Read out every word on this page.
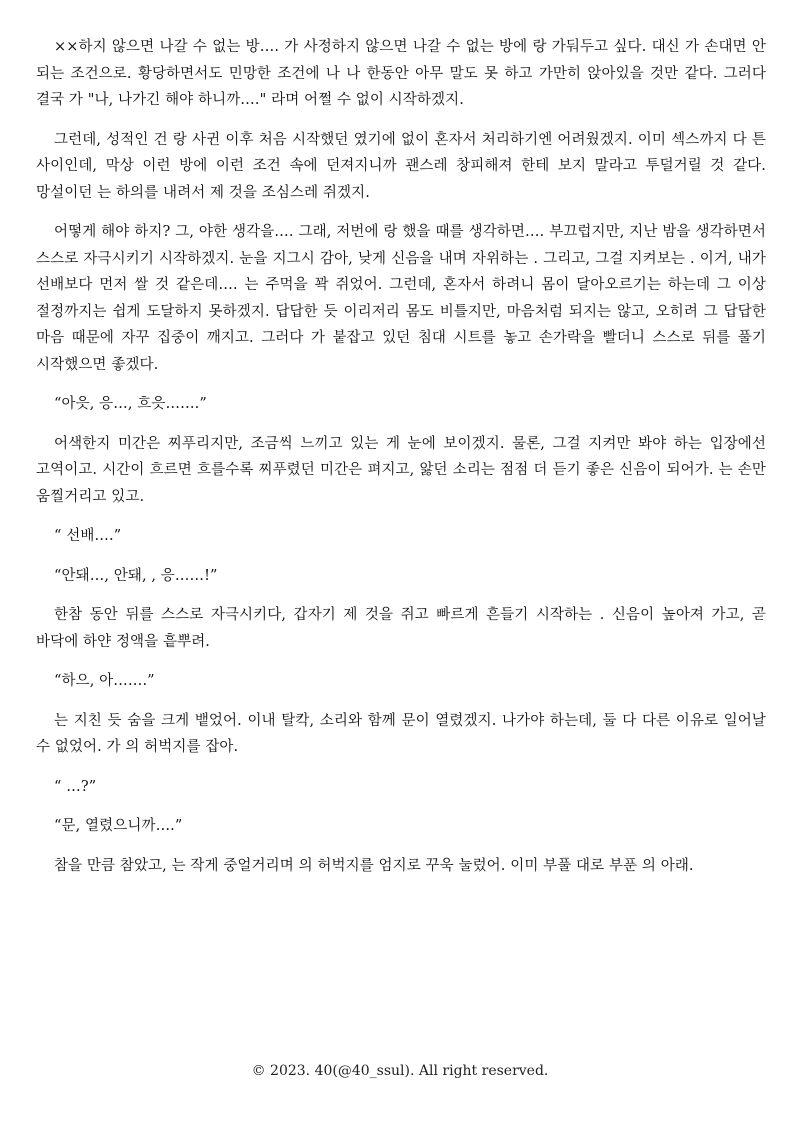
××하지 않으면 나갈 수 없는 방…. 가 사정하지 않으면 나갈 수 없는 방에 랑 가둬두고 싶다. 대신 가 손대면 안 되는 조건으로. 황당하면서도 민망한 조건에 나 나 한동안 아무 말도 못 하고 가만히 앉아있을 것만 같다. 그러다 결국 가 "나, 나가긴 해야 하니까…." 라며 어쩔 수 없이 시작하겠지.

그런데, 성적인 건 랑 사귄 이후 처음 시작했던 였기에 없이 혼자서 처리하기엔 어려웠겠지. 이미 섹스까지 다 튼 사이인데, 막상 이런 방에 이런 조건 속에 던져지니까 괜스레 창피해져 한테 보지 말라고 투덜거릴 것 같다. 망설이던 는 하의를 내려서 제 것을 조심스레 쥐겠지.

어떻게 해야 하지? 그, 야한 생각을…. 그래, 저번에 랑 했을 때를 생각하면…. 부끄럽지만, 지난 밤을 생각하면서 스스로 자극시키기 시작하겠지. 눈을 지그시 감아, 낮게 신음을 내며 자위하는 . 그리고, 그걸 지켜보는 . 이거, 내가 선배보다 먼저 쌀 것 같은데…. 는 주먹을 꽉 쥐었어. 그런데, 혼자서 하려니 몸이 달아오르기는 하는데 그 이상 절정까지는 쉽게 도달하지 못하겠지. 답답한 듯 이리저리 몸도 비틀지만, 마음처럼 되지는 않고, 오히려 그 답답한 마음 때문에 자꾸 집중이 깨지고. 그러다 가 붙잡고 있던 침대 시트를 놓고 손가락을 빨더니 스스로 뒤를 풀기 시작했으면 좋겠다.

“아읏, 응…, 흐읏…….”

어색한지 미간은 찌푸리지만, 조금씩 느끼고 있는 게 눈에 보이겠지. 물론, 그걸 지켜만 봐야 하는 입장에선 고역이고. 시간이 흐르면 흐를수록 찌푸렸던 미간은 펴지고, 앓던 소리는 점점 더 듣기 좋은 신음이 되어가. 는 손만 움찔거리고 있고.

“ 선배….”

“안돼…, 안돼, , 응……!”

한참 동안 뒤를 스스로 자극시키다, 갑자기 제 것을 쥐고 빠르게 흔들기 시작하는 . 신음이 높아져 가고, 곧 바닥에 하얀 정액을 흩뿌려.

“하으, 아…….”

는 지친 듯 숨을 크게 뱉었어. 이내 탈칵, 소리와 함께 문이 열렸겠지. 나가야 하는데, 둘 다 다른 이유로 일어날 수 없었어. 가 의 허벅지를 잡아.

“ …?”

“문, 열렸으니까….”

참을 만큼 참았고, 는 작게 중얼거리며 의 허벅지를 엄지로 꾸욱 눌렀어. 이미 부풀 대로 부푼 의 아래.

© 2023. 40(@40_ssul). All right reserved.
